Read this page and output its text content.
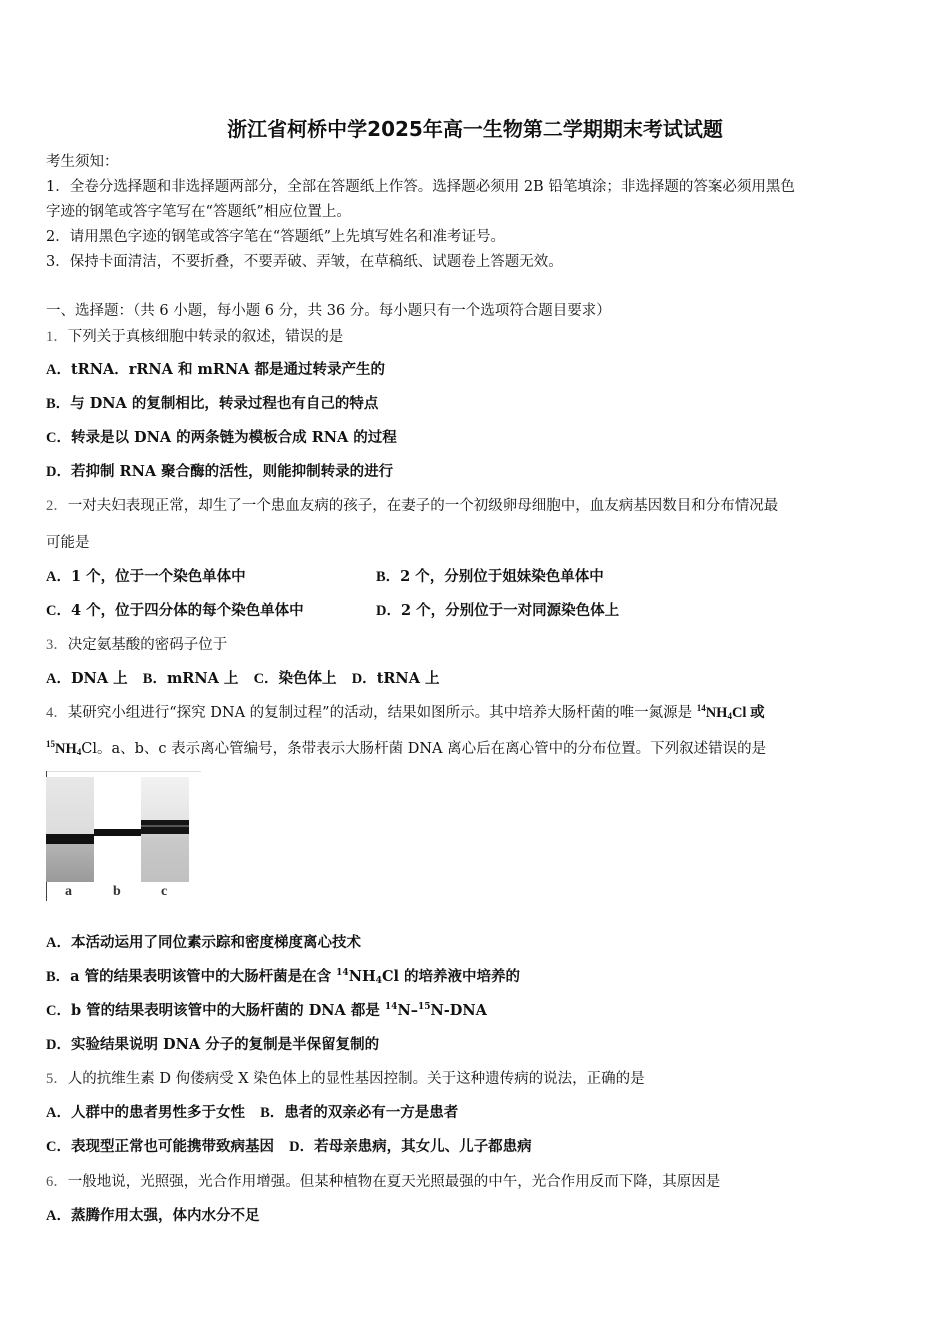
浙江省柯桥中学2025年高一生物第二学期期末考试试题
考生须知：
1．全卷分选择题和非选择题两部分，全部在答题纸上作答。选择题必须用 2B 铅笔填涂；非选择题的答案必须用黑色
字迹的钢笔或答字笔写在“答题纸”相应位置上。
2．请用黑色字迹的钢笔或答字笔在“答题纸”上先填写姓名和准考证号。
3．保持卡面清洁，不要折叠，不要弄破、弄皱，在草稿纸、试题卷上答题无效。
一、选择题：（共 6 小题，每小题 6 分，共 36 分。每小题只有一个选项符合题目要求）
1．下列关于真核细胞中转录的叙述，错误的是
A．tRNA．rRNA 和 mRNA 都是通过转录产生的
B．与 DNA 的复制相比，转录过程也有自己的特点
C．转录是以 DNA 的两条链为模板合成 RNA 的过程
D．若抑制 RNA 聚合酶的活性，则能抑制转录的进行
2．一对夫妇表现正常，却生了一个患血友病的孩子，在妻子的一个初级卵母细胞中，血友病基因数目和分布情况最
可能是
A．1 个，位于一个染色单体中	B．2 个，分别位于姐妹染色单体中
C．4 个，位于四分体的每个染色单体中	D．2 个，分别位于一对同源染色体上
3．决定氨基酸的密码子位于
A．DNA 上 B．mRNA 上 C．染色体上 D．tRNA 上
4．某研究小组进行“探究 DNA 的复制过程”的活动，结果如图所示。其中培养大肠杆菌的唯一氮源是 $^{14}NH_4Cl$ 或
$^{15}NH_4Cl$。a、b、c 表示离心管编号，条带表示大肠杆菌 DNA 离心后在离心管中的分布位置。下列叙述错误的是
a	b	c
A．本活动运用了同位素示踪和密度梯度离心技术
B．a 管的结果表明该管中的大肠杆菌是在含 $^{14}NH_4Cl$ 的培养液中培养的
C．b 管的结果表明该管中的大肠杆菌的 DNA 都是 $^{14}$N–$^{15}$N-DNA
D．实验结果说明 DNA 分子的复制是半保留复制的
5．人的抗维生素 D 佝偻病受 X 染色体上的显性基因控制。关于这种遗传病的说法，正确的是
A．人群中的患者男性多于女性 B．患者的双亲必有一方是患者
C．表现型正常也可能携带致病基因 D．若母亲患病，其女儿、儿子都患病
6．一般地说，光照强，光合作用增强。但某种植物在夏天光照最强的中午，光合作用反而下降，其原因是
A．蒸腾作用太强，体内水分不足
